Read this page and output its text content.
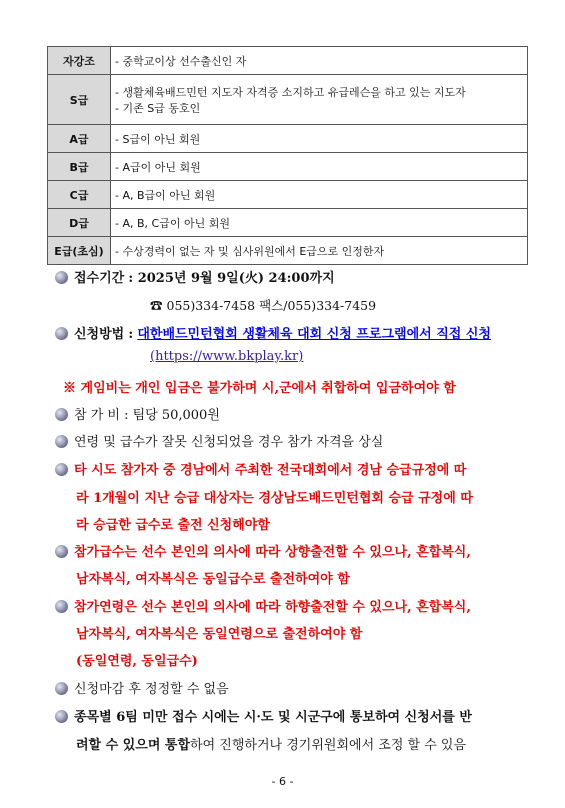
자강조	- 중학교이상 선수출신인 자

S급	- 생활체육배드민턴 지도자 자격증 소지하고 유급레슨을 하고 있는 지도자
- 기존 S급 동호인

A급	- S급이 아닌 회원

B급	- A급이 아닌 회원

C급	- A, B급이 아닌 회원

D급	- A, B, C급이 아닌 회원

E급(초심)	- 수상경력이 없는 자 및 심사위원에서 E급으로 인정한자
접수기간 : 2025년 9월 9일(火) 24:00까지
☎ 055)334-7458 팩스/055)334-7459
신청방법 : 대한배드민턴협회 생활체육 대회 신청 프로그램에서 직접 신청
(https://www.bkplay.kr)
※ 게임비는 개인 입금은 불가하며 시,군에서 취합하여 입금하여야 함
참 가 비 : 팀당 50,000원
연령 및 급수가 잘못 신청되었을 경우 참가 자격을 상실
타 시도 참가자 중 경남에서 주최한 전국대회에서 경남 승급규정에 따
라 1개월이 지난 승급 대상자는 경상남도배드민턴협회 승급 규정에 따
라 승급한 급수로 출전 신청해야함
참가급수는 선수 본인의 의사에 따라 상향출전할 수 있으나, 혼합복식,
남자복식, 여자복식은 동일급수로 출전하여야 함
참가연령은 선수 본인의 의사에 따라 하향출전할 수 있으나, 혼합복식,
남자복식, 여자복식은 동일연령으로 출전하여야 함
(동일연령, 동일급수)
신청마감 후 정정할 수 없음
종목별 6팀 미만 접수 시에는 시·도 및 시군구에 통보하여 신청서를 반
려할 수 있으며 통합하여 진행하거나 경기위원회에서 조정 할 수 있음
- 6 -
